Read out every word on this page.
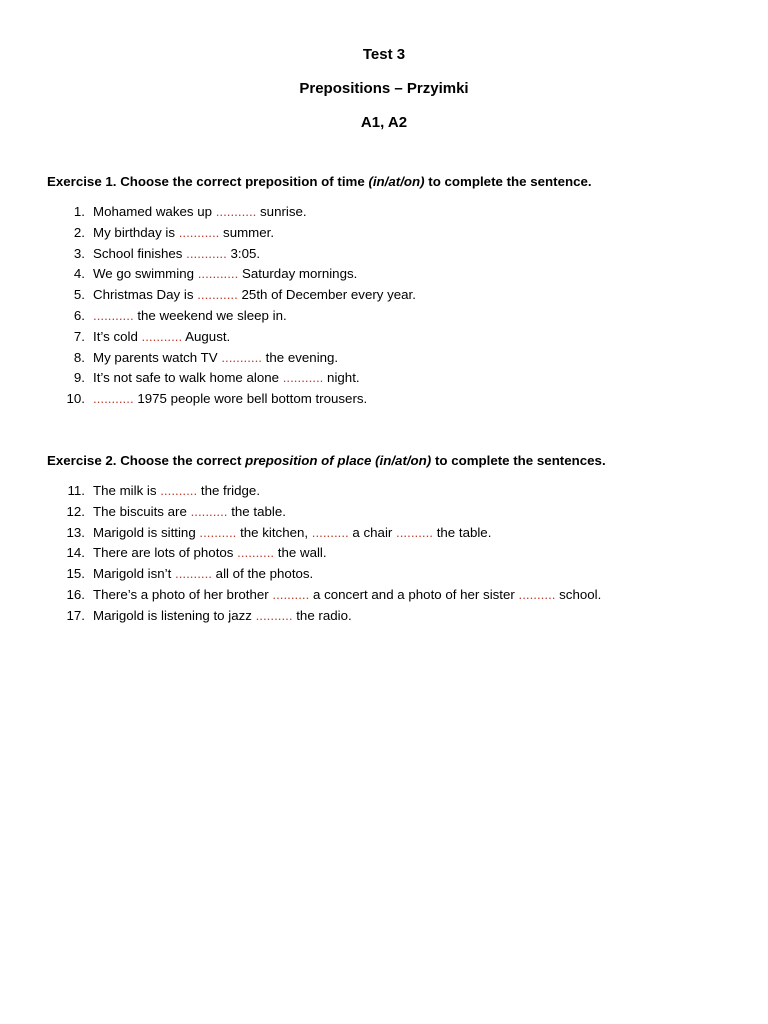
Test 3

Prepositions – Przyimki

A1, A2

Exercise 1. Choose the correct preposition of time (in/at/on) to complete the sentence.

1. Mohamed wakes up ........... sunrise.
2. My birthday is ........... summer.
3. School finishes ........... 3:05.
4. We go swimming ........... Saturday mornings.
5. Christmas Day is ........... 25th of December every year.
6. ........... the weekend we sleep in.
7. It’s cold ........... August.
8. My parents watch TV ........... the evening.
9. It’s not safe to walk home alone ........... night.
10. ........... 1975 people wore bell bottom trousers.

Exercise 2. Choose the correct preposition of place (in/at/on) to complete the sentences.

11. The milk is .......... the fridge.
12. The biscuits are .......... the table.
13. Marigold is sitting .......... the kitchen, .......... a chair .......... the table.
14. There are lots of photos .......... the wall.
15. Marigold isn’t .......... all of the photos.
16. There’s a photo of her brother .......... a concert and a photo of her sister .......... school.
17. Marigold is listening to jazz .......... the radio.
